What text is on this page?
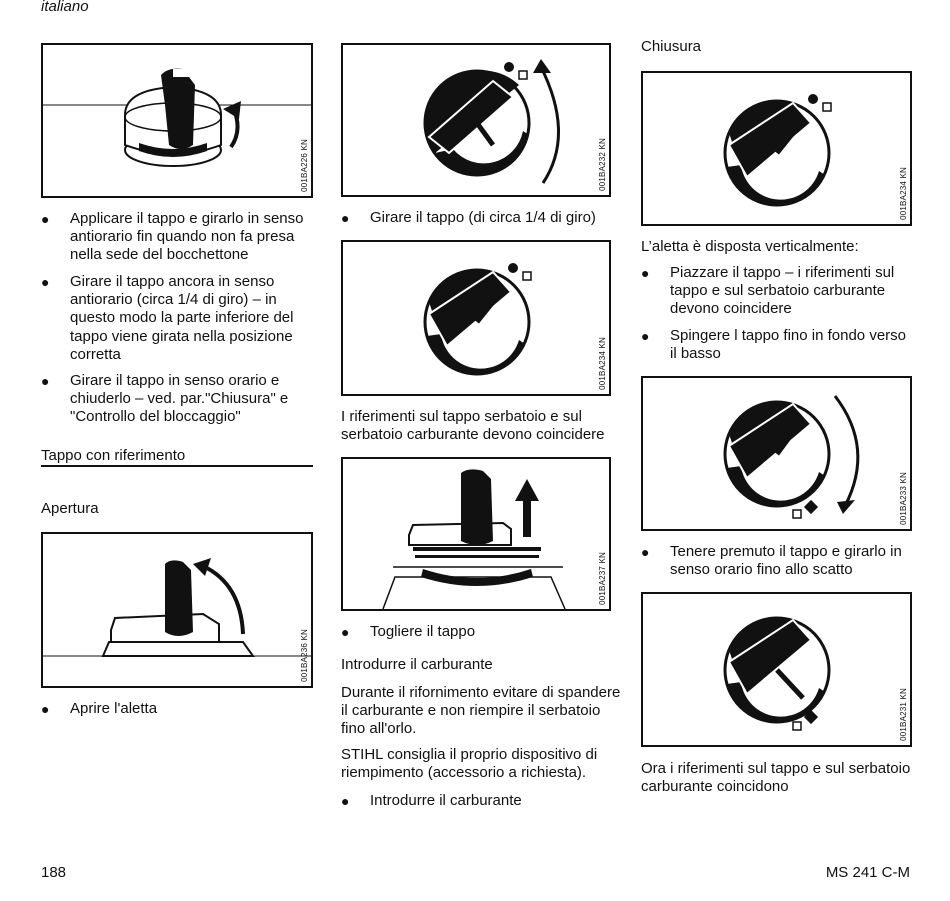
italiano
001BA226 KN
● Applicare il tappo e girarlo in senso antiorario fin quando non fa presa nella sede del bocchettone
● Girare il tappo ancora in senso antiorario (circa 1/4 di giro) – in questo modo la parte inferiore del tappo viene girata nella posizione corretta
● Girare il tappo in senso orario e chiuderlo – ved. par."Chiusura" e "Controllo del bloccaggio"
Tappo con riferimento
Apertura
001BA236 KN
● Aprire l'aletta
001BA232 KN
● Girare il tappo (di circa 1/4 di giro)
001BA234 KN
I riferimenti sul tappo serbatoio e sul serbatoio carburante devono coincidere
001BA237 KN
● Togliere il tappo
Introdurre il carburante
Durante il rifornimento evitare di spandere il carburante e non riempire il serbatoio fino all'orlo.
STIHL consiglia il proprio dispositivo di riempimento (accessorio a richiesta).
● Introdurre il carburante
Chiusura
001BA234 KN
L’aletta è disposta verticalmente:
● Piazzare il tappo – i riferimenti sul tappo e sul serbatoio carburante devono coincidere
● Spingere l tappo fino in fondo verso il basso
001BA233 KN
● Tenere premuto il tappo e girarlo in senso orario fino allo scatto
001BA231 KN
Ora i riferimenti sul tappo e sul serbatoio carburante coincidono
188	MS 241 C-M
